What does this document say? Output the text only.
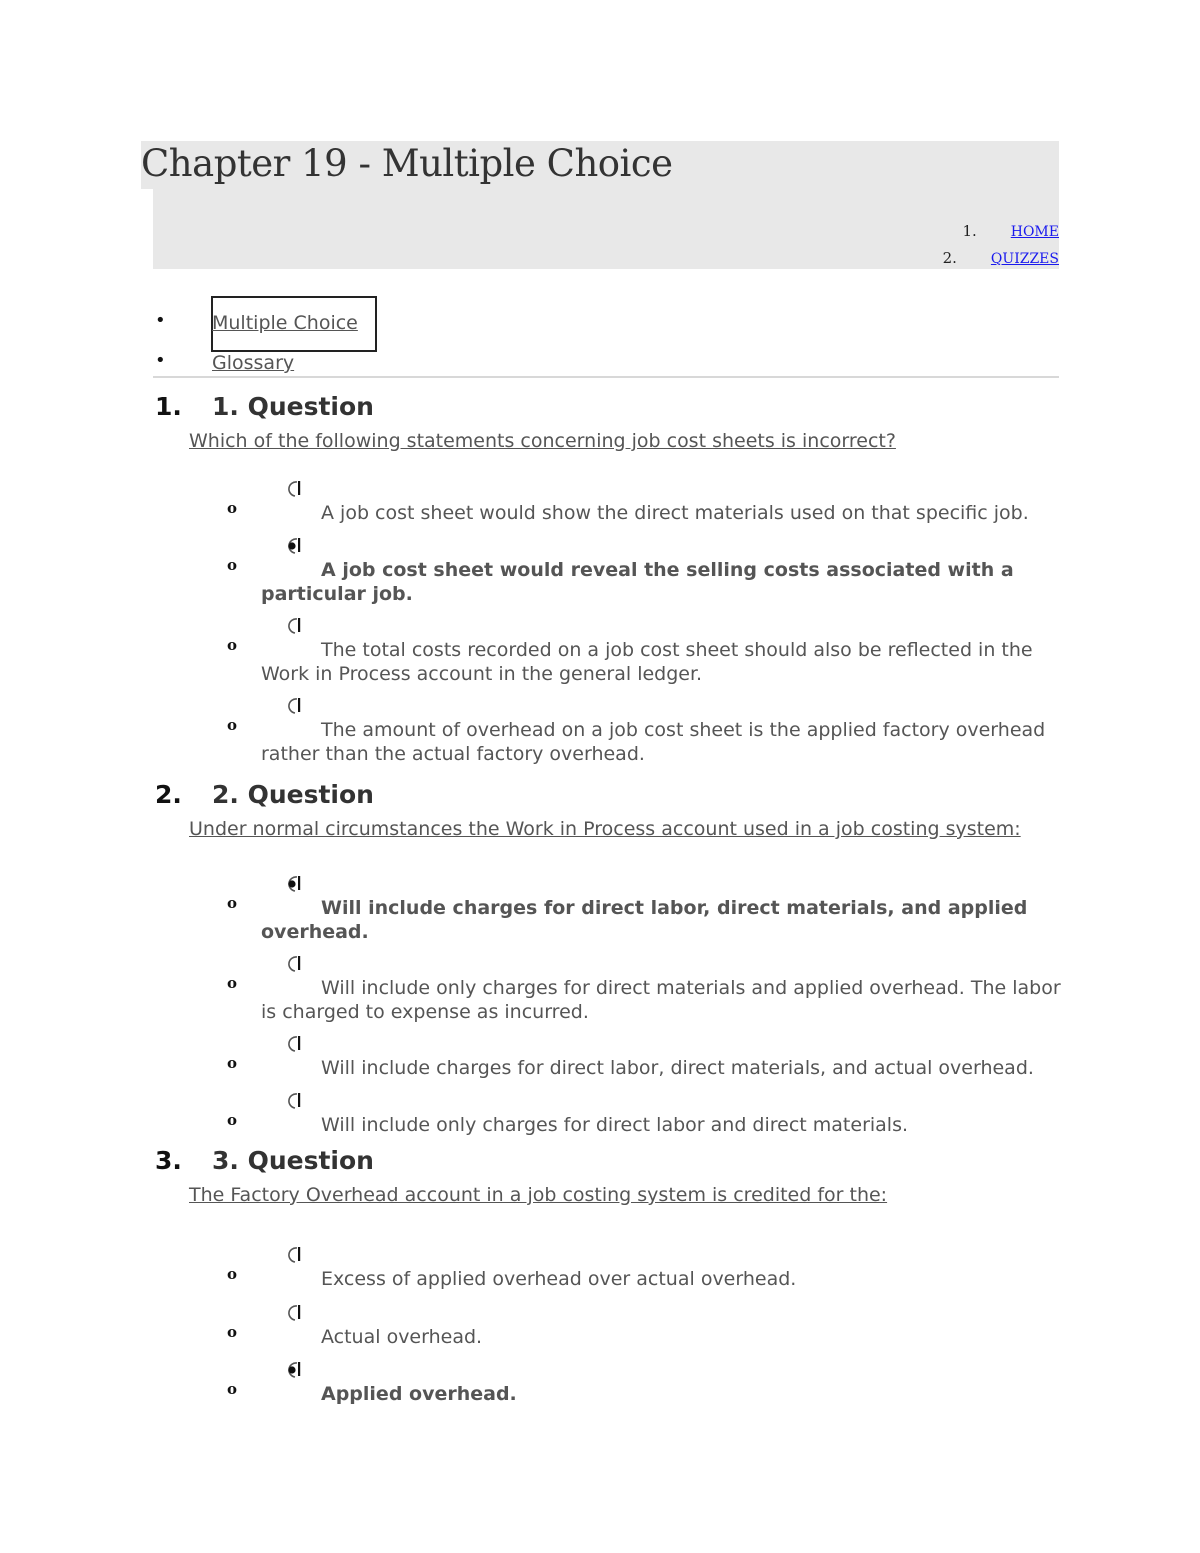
Chapter 19 - Multiple Choice
1. HOME
2. QUIZZES
• Multiple Choice
• Glossary
1. 1. Question
Which of the following statements concerning job cost sheets is incorrect?
o	A job cost sheet would show the direct materials used on that specific job.
o	A job cost sheet would reveal the selling costs associated with a particular job.
o	The total costs recorded on a job cost sheet should also be reflected in the Work in Process account in the general ledger.
o	The amount of overhead on a job cost sheet is the applied factory overhead rather than the actual factory overhead.
2. 2. Question
Under normal circumstances the Work in Process account used in a job costing system:
o	Will include charges for direct labor, direct materials, and applied overhead.
o	Will include only charges for direct materials and applied overhead. The labor is charged to expense as incurred.
o	Will include charges for direct labor, direct materials, and actual overhead.
o	Will include only charges for direct labor and direct materials.
3. 3. Question
The Factory Overhead account in a job costing system is credited for the:
o	Excess of applied overhead over actual overhead.
o	Actual overhead.
o	Applied overhead.
